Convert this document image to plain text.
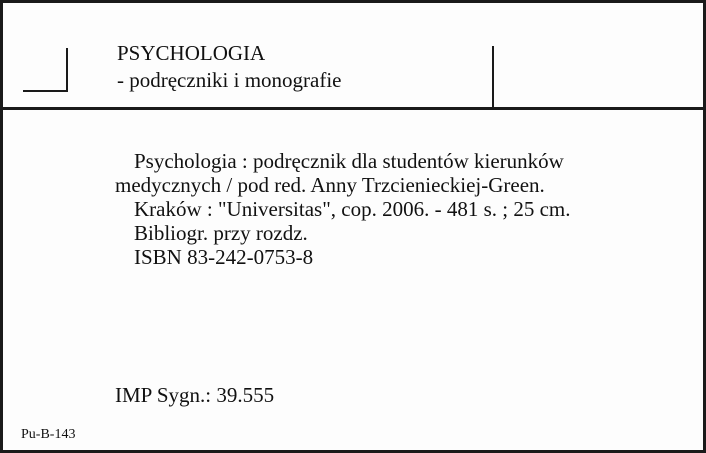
PSYCHOLOGIA
- podręczniki i monografie
Psychologia : podręcznik dla studentów kierunków
medycznych / pod red. Anny Trzcienieckiej-Green.
Kraków : "Universitas", cop. 2006. - 481 s. ; 25 cm.
Bibliogr. przy rozdz.
ISBN 83-242-0753-8
IMP Sygn.: 39.555
Pu-B-143
